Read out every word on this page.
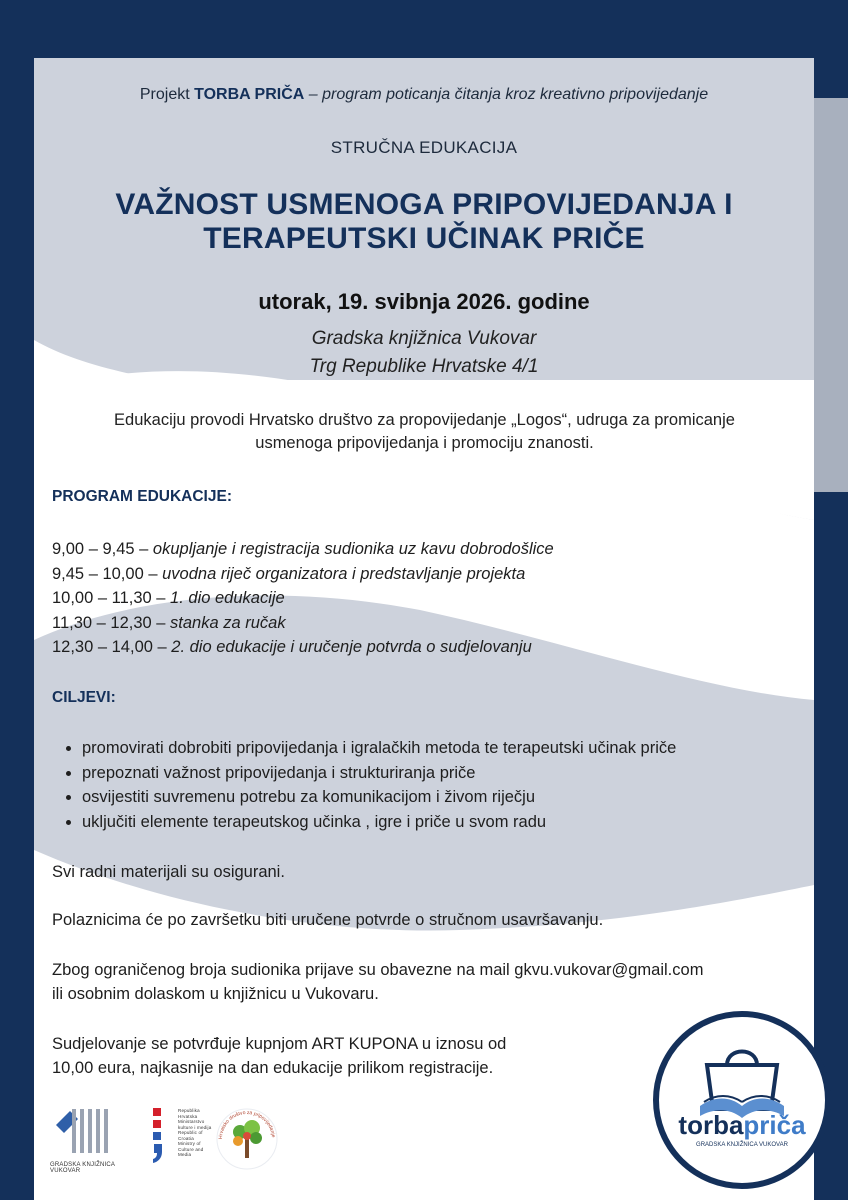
Projekt TORBA PRIČA – program poticanja čitanja kroz kreativno pripovijedanje
STRUČNA EDUKACIJA
VAŽNOST USMENOGA PRIPOVIJEDANJA I
TERAPEUTSKI UČINAK PRIČE
utorak, 19. svibnja 2026. godine
Gradska knjižnica Vukovar
Trg Republike Hrvatske 4/1
Edukaciju provodi Hrvatsko društvo za propovijedanje „Logos“, udruga za promicanje
usmenoga pripovijedanja i promociju znanosti.
PROGRAM EDUKACIJE:
9,00 – 9,45 – okupljanje i registracija sudionika uz kavu dobrodošlice
9,45 – 10,00 – uvodna riječ organizatora i predstavljanje projekta
10,00 – 11,30 – 1. dio edukacije
11,30 – 12,30 – stanka za ručak
12,30 – 14,00 – 2. dio edukacije i uručenje potvrda o sudjelovanju
CILJEVI:
• promovirati dobrobiti pripovijedanja i igralačkih metoda te terapeutski učinak priče
• prepoznati važnost pripovijedanja i strukturiranja priče
• osvijestiti suvremenu potrebu za komunikacijom i živom riječju
• uključiti elemente terapeutskog učinka , igre i priče u svom radu
Svi radni materijali su osigurani.
Polaznicima će po završetku biti uručene potvrde o stručnom usavršavanju.
Zbog ograničenog broja sudionika prijave su obavezne na mail gkvu.vukovar@gmail.com
ili osobnim dolaskom u knjižnicu u Vukovaru.
Sudjelovanje se potvrđuje kupnjom ART KUPONA u iznosu od
10,00 eura, najkasnije na dan edukacije prilikom registracije.
GRADSKA KNJIŽNICA VUKOVAR
Republika Hrvatska Ministarstvo kulture i medija Republic of Croatia Ministry of Culture and Media
Hrvatsko društvo za pripovijedanje	torbapriča
GRADSKA KNJIŽNICA VUKOVAR
